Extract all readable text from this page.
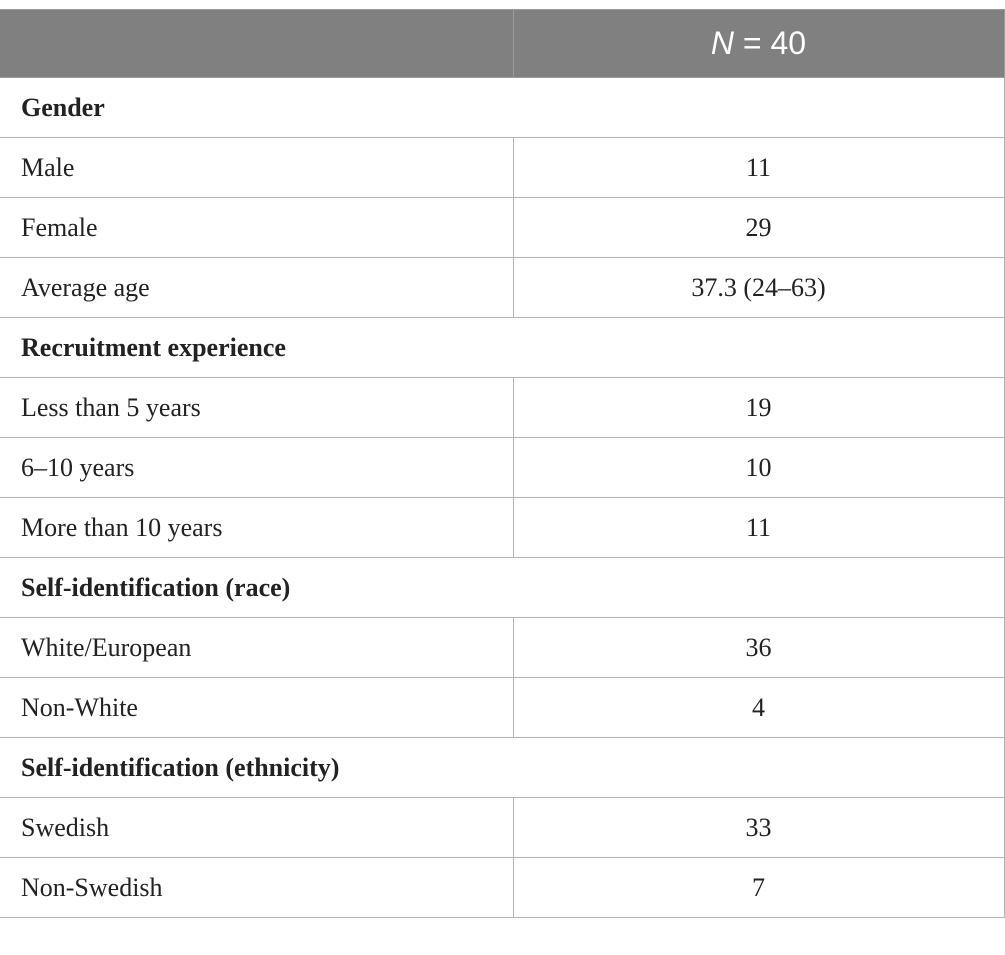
	N = 40
Gender	
Male	11
Female	29
Average age	37.3 (24–63)
Recruitment experience	
Less than 5 years	19
6–10 years	10
More than 10 years	11
Self-identification (race)	
White/European	36
Non-White	4
Self-identification (ethnicity)	
Swedish	33
Non-Swedish	7
